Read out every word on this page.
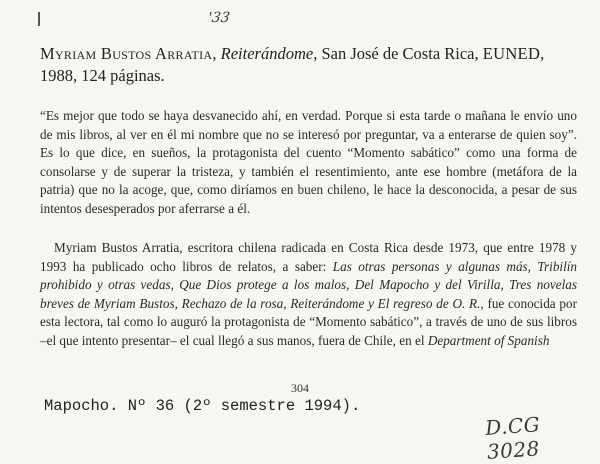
'33
Myriam Bustos Arratia, Reiterándome, San José de Costa Rica, EUNED, 1988, 124 páginas.

“Es mejor que todo se haya desvanecido ahí, en verdad. Porque si esta tarde o mañana le envío uno de mis libros, al ver en él mi nombre que no se interesó por preguntar, va a enterarse de quien soy”. Es lo que dice, en sueños, la protagonista del cuento “Momento sabático” como una forma de consolarse y de superar la tristeza, y también el resentimiento, ante ese hombre (metáfora de la patria) que no la acoge, que, como diríamos en buen chileno, le hace la desconocida, a pesar de sus intentos desesperados por aferrarse a él.

Myriam Bustos Arratia, escritora chilena radicada en Costa Rica desde 1973, que entre 1978 y 1993 ha publicado ocho libros de relatos, a saber: Las otras personas y algunas más, Tribilín prohibido y otras vedas, Que Dios protege a los malos, Del Mapocho y del Virilla, Tres novelas breves de Myriam Bustos, Rechazo de la rosa, Reiterándome y El regreso de O. R., fue conocida por esta lectora, tal como lo auguró la protagonista de “Momento sabático”, a través de uno de sus libros –el que intento presentar– el cual llegó a sus manos, fuera de Chile, en el Department of Spanish

304
Mapocho. Nº 36 (2º semestre 1994).
D.CG 3028
